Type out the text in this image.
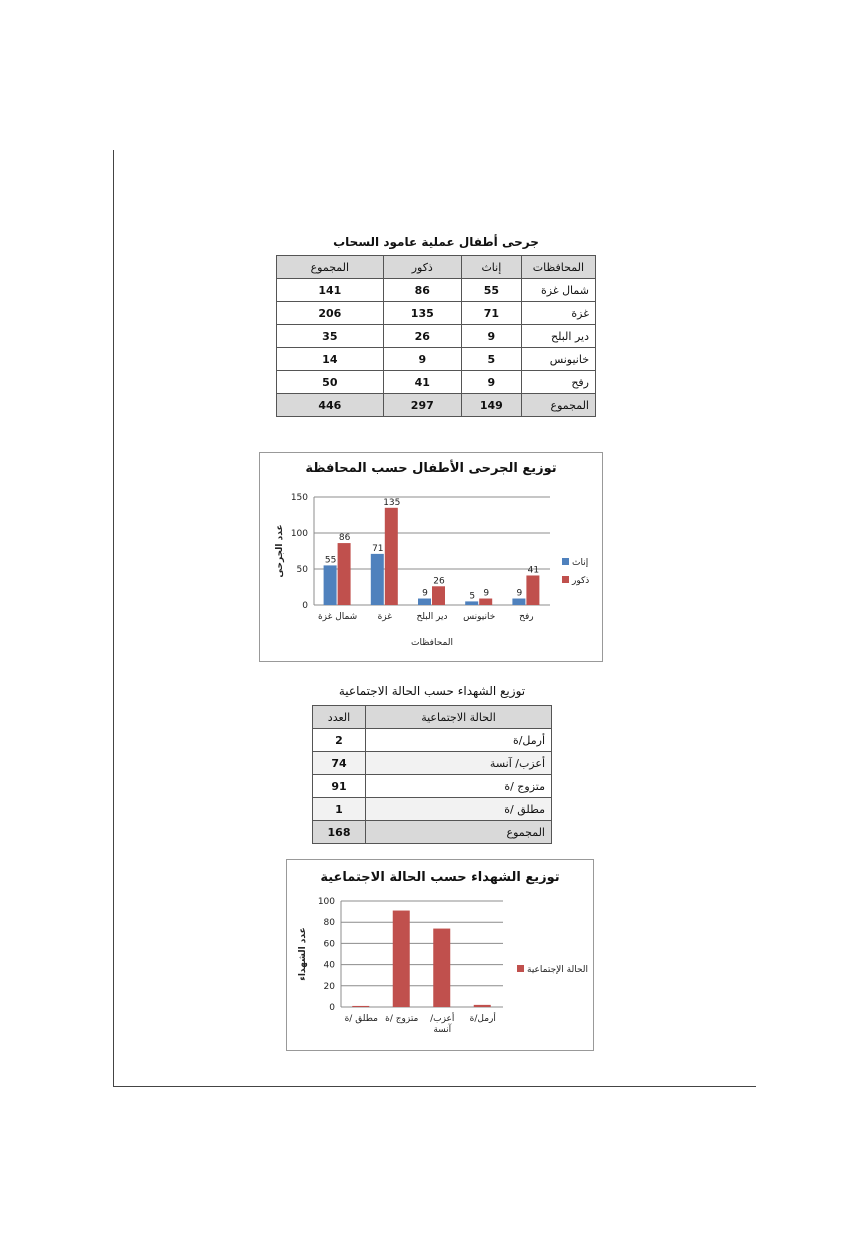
جرحى أطفال عملية عامود السحاب
المجموع	ذكور	إناث	المحافظات
141	86	55	شمال غزة
206	135	71	غزة
35	26	9	دير البلح
14	9	5	خانيونس
50	41	9	رفح
446	297	149	المجموع
توزيع الجرحى الأطفال حسب المحافظة
0
50
100
150
55
86
شمال غزة
71
135
غزة
9
26
دير البلح
5 9
خانيونس
9
41
رفح
المحافظات
عدد الجرحى	إناث
ذكور
توزيع الشهداء حسب الحالة الاجتماعية
العدد	الحالة الاجتماعية
2	أرمل/ة
74	أعزب/ آنسة
91	متزوج /ة
1	مطلق /ة
168	المجموع
توزيع الشهداء حسب الحالة الاجتماعية
0
20
40
60
80
100
مطلق /ة متزوج /ة أعزب/
آنسة
أرمل/ة
عدد الشهداء	الحالة الإجتماعية
